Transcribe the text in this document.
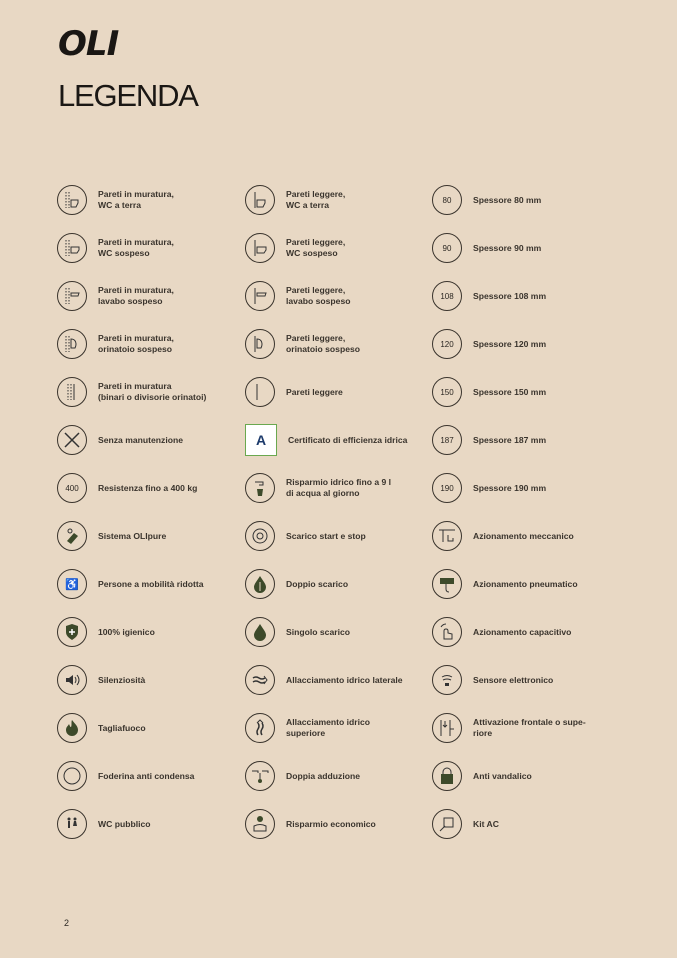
OLI
LEGENDA
Pareti in muratura,
WC a terra
Pareti in muratura,
WC sospeso
Pareti in muratura,
lavabo sospeso
Pareti in muratura,
orinatoio sospeso
Pareti in muratura
(binari o divisorie orinatoi)
Senza manutenzione
400	Resistenza fino a 400 kg
Sistema OLIpure
♿	Persone a mobilità ridotta
100% igienico
Silenziosità
Tagliafuoco
Foderina anti condensa
WC pubblico
Pareti leggere,
WC a terra
Pareti leggere,
WC sospeso
Pareti leggere,
lavabo sospeso
Pareti leggere,
orinatoio sospeso
Pareti leggere
A	Certificato di efficienza idrica
Risparmio idrico fino a 9 l
di acqua al giorno
Scarico start e stop
Doppio scarico
Singolo scarico
Allacciamento idrico laterale
Allacciamento idrico
superiore
Doppia adduzione
Risparmio economico
80	Spessore 80 mm
90	Spessore 90 mm
108	Spessore 108 mm
120	Spessore 120 mm
150	Spessore 150 mm
187	Spessore 187 mm
190	Spessore 190 mm
Azionamento meccanico
Azionamento pneumatico
Azionamento capacitivo
Sensore elettronico
Attivazione frontale o supe-
riore
Anti vandalico
Kit AC
2
